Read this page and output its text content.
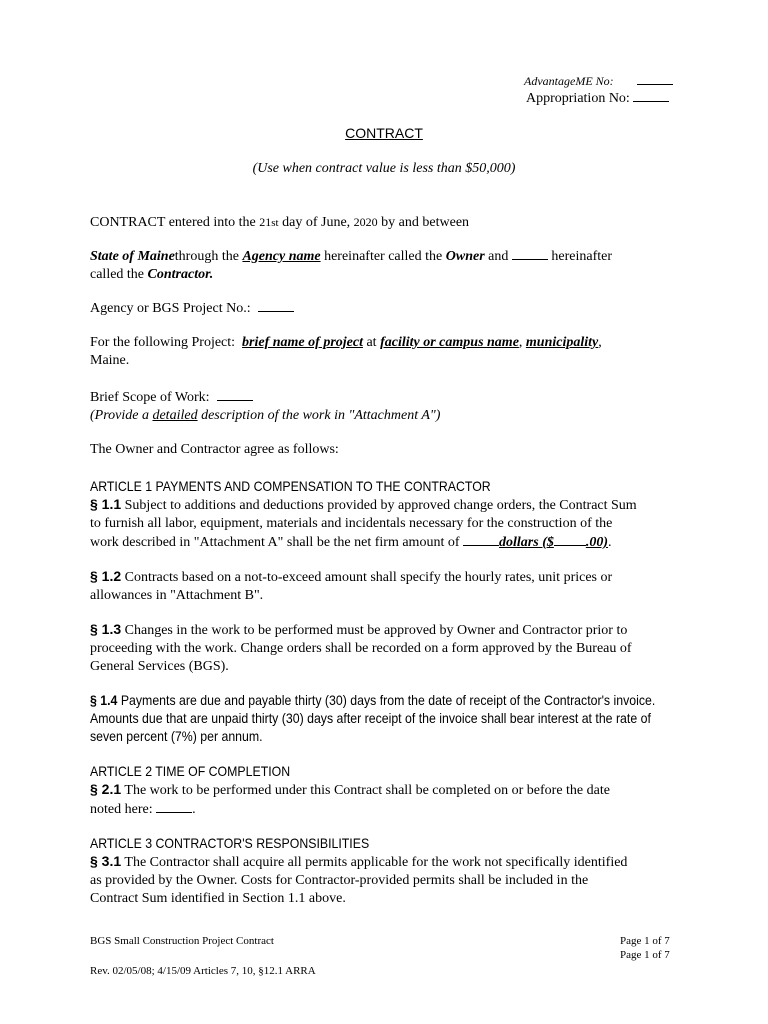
AdvantageME No:
Appropriation No:
CONTRACT
(Use when contract value is less than $50,000)
CONTRACT entered into the 21st day of June, 2020 by and between
State of Mainethrough the Agency name hereinafter called the Owner and	hereinafter
called the Contractor.
Agency or BGS Project No.:
For the following Project: brief name of project at facility or campus name, municipality,
Maine.
Brief Scope of Work:
(Provide a detailed description of the work in "Attachment A")
The Owner and Contractor agree as follows:
ARTICLE 1 PAYMENTS AND COMPENSATION TO THE CONTRACTOR
§ 1.1 Subject to additions and deductions provided by approved change orders, the Contract Sum
to furnish all labor, equipment, materials and incidentals necessary for the construction of the
work described in "Attachment A" shall be the net firm amount of	dollars ($ .00).
§ 1.2 Contracts based on a not-to-exceed amount shall specify the hourly rates, unit prices or
allowances in "Attachment B".
§ 1.3 Changes in the work to be performed must be approved by Owner and Contractor prior to
proceeding with the work. Change orders shall be recorded on a form approved by the Bureau of
General Services (BGS).
§ 1.4 Payments are due and payable thirty (30) days from the date of receipt of the Contractor's invoice.
Amounts due that are unpaid thirty (30) days after receipt of the invoice shall bear interest at the rate of
seven percent (7%) per annum.
ARTICLE 2 TIME OF COMPLETION
§ 2.1 The work to be performed under this Contract shall be completed on or before the date
noted here:	.
ARTICLE 3 CONTRACTOR'S RESPONSIBILITIES
§ 3.1 The Contractor shall acquire all permits applicable for the work not specifically identified
as provided by the Owner. Costs for Contractor-provided permits shall be included in the
Contract Sum identified in Section 1.1 above.
BGS Small Construction Project Contract
Rev. 02/05/08; 4/15/09 Articles 7, 10, §12.1 ARRA
Page 1 of 7
Page 1 of 7
